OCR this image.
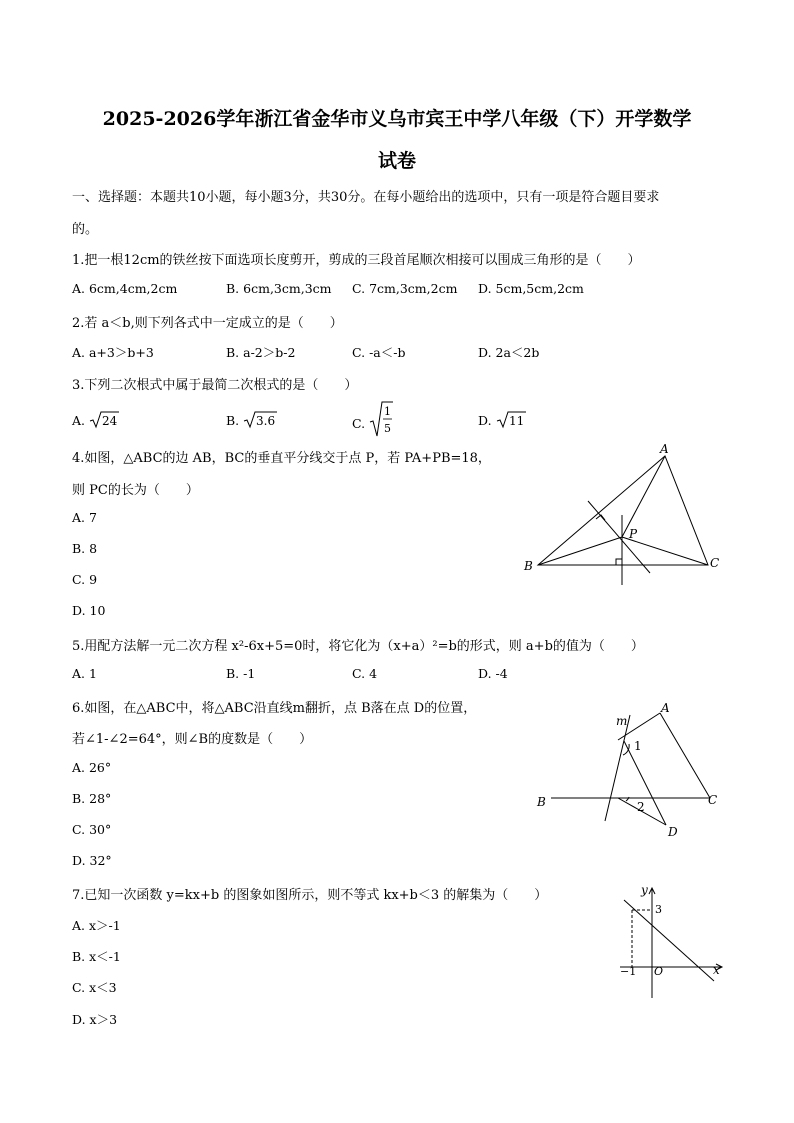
2025-2026学年浙江省金华市义乌市宾王中学八年级（下）开学数学
试卷
一、选择题：本题共10小题，每小题3分，共30分。在每小题给出的选项中，只有一项是符合题目要求
的。
1.把一根12cm的铁丝按下面选项长度剪开，剪成的三段首尾顺次相接可以围成三角形的是（　　）
A. 6cm,4cm,2cm	B. 6cm,3cm,3cm C. 7cm,3cm,2cm D. 5cm,5cm,2cm
2.若 a＜b,则下列各式中一定成立的是（　　）
A. a+3＞b+3	B. a-2＞b-2	C. -a＜-b	D. 2a＜2b
3.下列二次根式中属于最简二次根式的是（　　）
A. 24	B. 3.6	C.
1
5
D. 11
4.如图，△ABC的边 AB，BC的垂直平分线交于点 P，若 PA+PB=18，
则 PC的长为（　　）
A. 7
B. 8
C. 9
D. 10
A
B	C
P
5.用配方法解一元二次方程 x²-6x+5=0时，将它化为（x+a）²=b的形式，则 a+b的值为（　　）
A. 1	B. -1	C. 4	D. -4
6.如图，在△ABC中，将△ABC沿直线m翻折，点 B落在点 D的位置，
若∠1-∠2=64°，则∠B的度数是（　　）
A. 26°
B. 28°
C. 30°
D. 32°
m
A
B	C
D
1
2
7.已知一次函数 y=kx+b 的图象如图所示，则不等式 kx+b＜3 的解集为（　　）
A. x＞-1
B. x＜-1
C. x＜3
D. x＞3
y
x
O
3
−1
